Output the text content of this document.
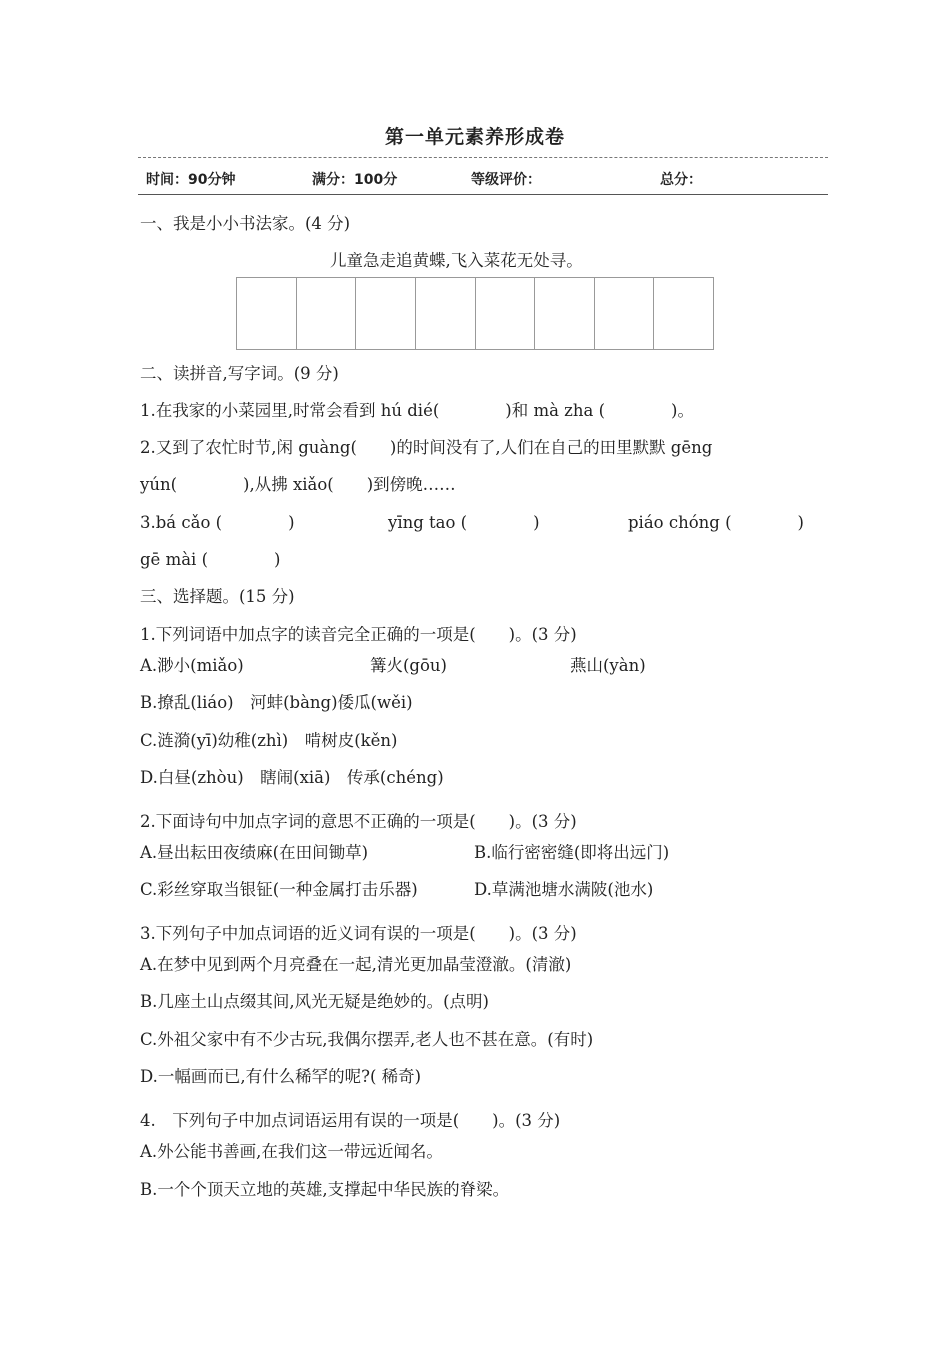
第一单元素养形成卷
时间：90分钟	满分：100分	等级评价：	总分：
一、我是小小书法家。(4 分)
儿童急走追黄蝶,飞入菜花无处寻。
二、读拼音,写字词。(9 分)
1.在我家的小菜园里,时常会看到 hú dié(　　　　)和 mà zha (　　　　)。
2.又到了农忙时节,闲 guàng(　　)的时间没有了,人们在自己的田里默默 gēng
yún(　　　　),从拂 xiǎo(　　)到傍晚……
3.bá cǎo (　　　　)	yīng tao (　　　　)	piáo chóng (　　　　)
gē mài (　　　　)
三、选择题。(15 分)
1.下列词语中加点字的读音完全正确的一项是(　　)。(3 分)
A.渺小(miǎo)	篝火(gōu)	燕山(yàn)
B.撩乱(liáo)　河蚌(bàng)倭瓜(wěi)
C.涟漪(yī)幼稚(zhì)　啃树皮(kěn)
D.白昼(zhòu)　瞎闹(xiā)　传承(chéng)
2.下面诗句中加点字词的意思不正确的一项是(　　)。(3 分)
A.昼出耘田夜绩麻(在田间锄草)	B.临行密密缝(即将出远门)
C.彩丝穿取当银钲(一种金属打击乐器)	D.草满池塘水满陂(池水)
3.下列句子中加点词语的近义词有误的一项是(　　)。(3 分)
A.在梦中见到两个月亮叠在一起,清光更加晶莹澄澈。(清澈)
B.几座土山点缀其间,风光无疑是绝妙的。(点明)
C.外祖父家中有不少古玩,我偶尔摆弄,老人也不甚在意。(有时)
D.一幅画而已,有什么稀罕的呢?( 稀奇)
4.　下列句子中加点词语运用有误的一项是(　　)。(3 分)
A.外公能书善画,在我们这一带远近闻名。
B.一个个顶天立地的英雄,支撑起中华民族的脊梁。
